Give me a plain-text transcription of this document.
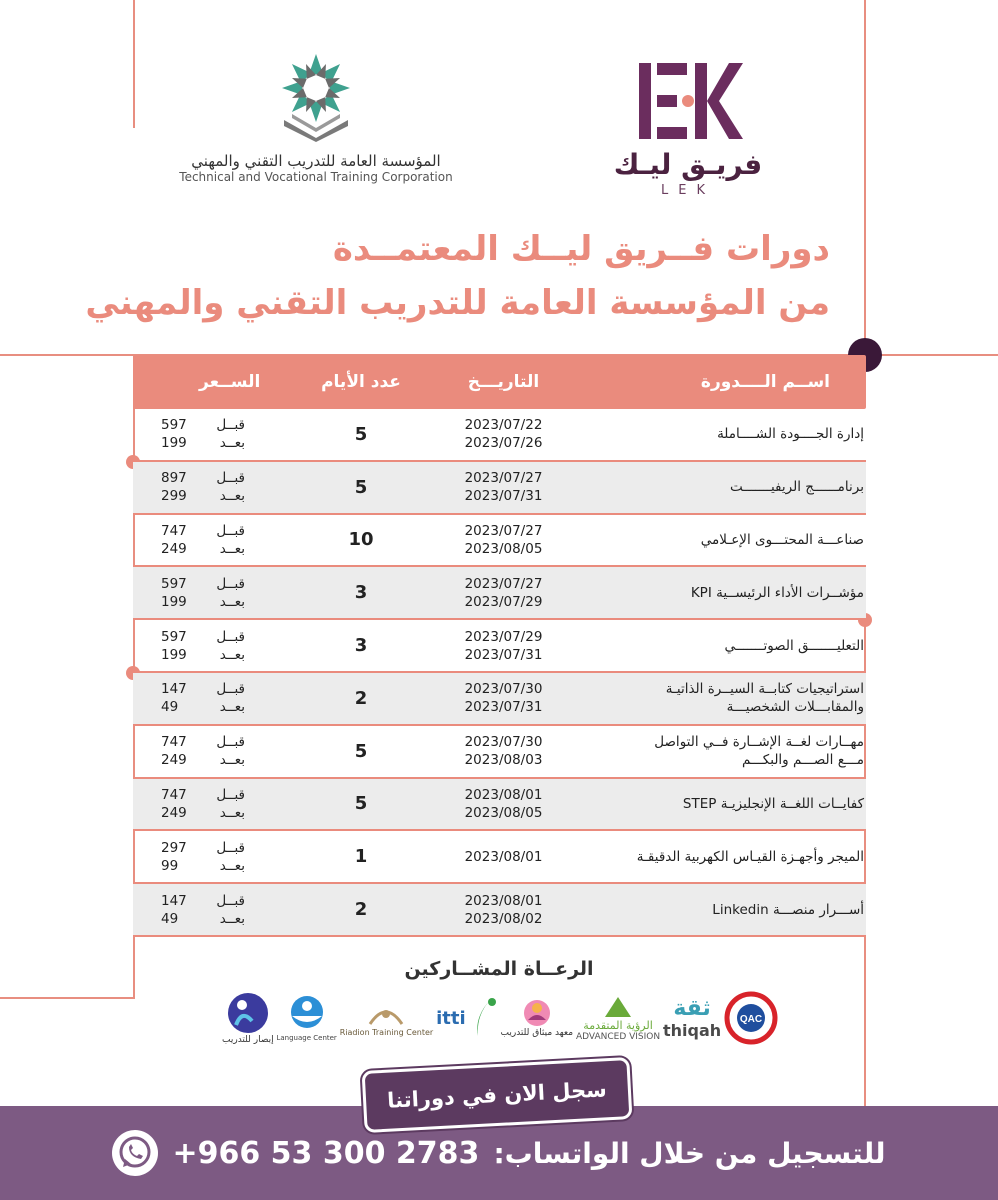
فريـق ليـك
LEK
المؤسسة العامة للتدريب التقني والمهني
Technical and Vocational Training Corporation
دورات فــريق ليــك المعتمــدة
من المؤسسة العامة للتدريب التقني والمهني
اســم الــــدورة
التاريـــخ
عدد الأيام
الســعر
إدارة الجــــودة الشــــاملة
2023/07/22
2023/07/26
5
قبــل
597
بعــد
199
برنامــــــج الريفيـــــــت
2023/07/27
2023/07/31
5
قبــل
897
بعــد
299
صناعـــة المحتـــوى الإعـلامي
2023/07/27
2023/08/05
10
قبــل
747
بعــد
249
مؤشــرات الأداء الرئيســية KPI
2023/07/27
2023/07/29
3
قبــل
597
بعــد
199
التعليـــــــق الصوتـــــــي
2023/07/29
2023/07/31
3
قبــل
597
بعــد
199
استراتيجيات كتابــة السيــرة الذاتيـة
والمقابـــلات الشخصيـــة
2023/07/30
2023/07/31
2
قبــل
147
بعــد
49
مهــارات لغــة الإشــارة فــي التواصل
مـــع الصـــم والبكـــم
2023/07/30
2023/08/03
5
قبــل
747
بعــد
249
كفايــات اللغــة الإنجليزيـة STEP
2023/08/01
2023/08/05
5
قبــل
747
بعــد
249
الميجر وأجهـزة القيـاس الكهربية الدقيقـة
2023/08/01
1
قبــل
297
بعــد
99
أســـرار منصـــة Linkedin
2023/08/01
2023/08/02
2
قبــل
147
بعــد
49
الرعــاة المشــاركين
QAC
ثقة
thiqah
الرؤية المتقدمة
ADVANCED VISION
معهد ميثاق للتدريب
itti
Riadion Training Center
Language Center
إبصار للتدريب
سجل الان في دوراتنا
للتسجيل من خلال الواتساب:
+966 53 300 2783
